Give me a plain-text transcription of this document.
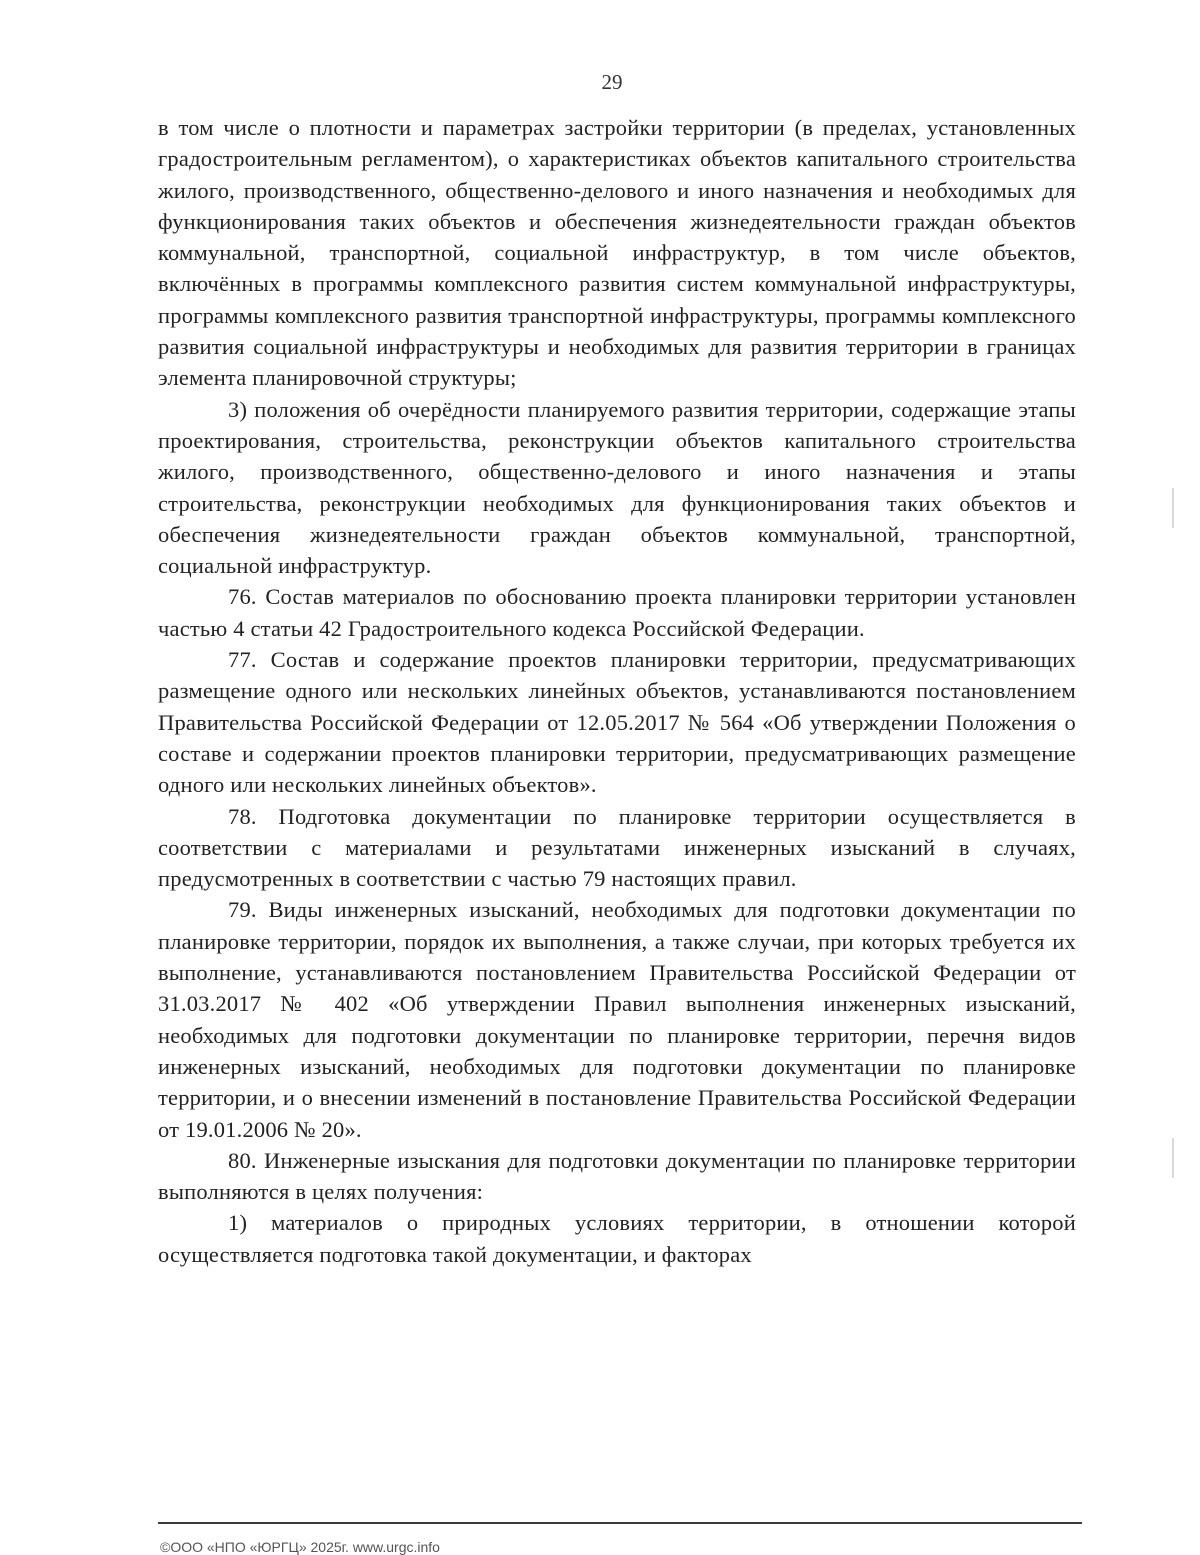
29

в том числе о плотности и параметрах застройки территории (в пределах, установленных градостроительным регламентом), о характеристиках объектов капитального строительства жилого, производственного, общественно-делового и иного назначения и необходимых для функционирования таких объектов и обеспечения жизнедеятельности граждан объектов коммунальной, транспортной, социальной инфраструктур, в том числе объектов, включённых в программы комплексного развития систем коммунальной инфраструктуры, программы комплексного развития транспортной инфраструктуры, программы комплексного развития социальной инфраструктуры и необходимых для развития территории в границах элемента планировочной структуры;

3) положения об очерёдности планируемого развития территории, содержащие этапы проектирования, строительства, реконструкции объектов капитального строительства жилого, производственного, общественно-делового и иного назначения и этапы строительства, реконструкции необходимых для функционирования таких объектов и обеспечения жизнедеятельности граждан объектов коммунальной, транспортной, социальной инфраструктур.

76. Состав материалов по обоснованию проекта планировки территории установлен частью 4 статьи 42 Градостроительного кодекса Российской Федерации.

77. Состав и содержание проектов планировки территории, предусматривающих размещение одного или нескольких линейных объектов, устанавливаются постановлением Правительства Российской Федерации от 12.05.2017 № 564 «Об утверждении Положения о составе и содержании проектов планировки территории, предусматривающих размещение одного или нескольких линейных объектов».

78. Подготовка документации по планировке территории осуществляется в соответствии с материалами и результатами инженерных изысканий в случаях, предусмотренных в соответствии с частью 79 настоящих правил.

79. Виды инженерных изысканий, необходимых для подготовки документации по планировке территории, порядок их выполнения, а также случаи, при которых требуется их выполнение, устанавливаются постановлением Правительства Российской Федерации от 31.03.2017 № 402 «Об утверждении Правил выполнения инженерных изысканий, необходимых для подготовки документации по планировке территории, перечня видов инженерных изысканий, необходимых для подготовки документации по планировке территории, и о внесении изменений в постановление Правительства Российской Федерации от 19.01.2006 № 20».

80. Инженерные изыскания для подготовки документации по планировке территории выполняются в целях получения:

1) материалов о природных условиях территории, в отношении которой осуществляется подготовка такой документации, и факторах

©ООО «НПО «ЮРГЦ» 2025г. www.urgc.info
